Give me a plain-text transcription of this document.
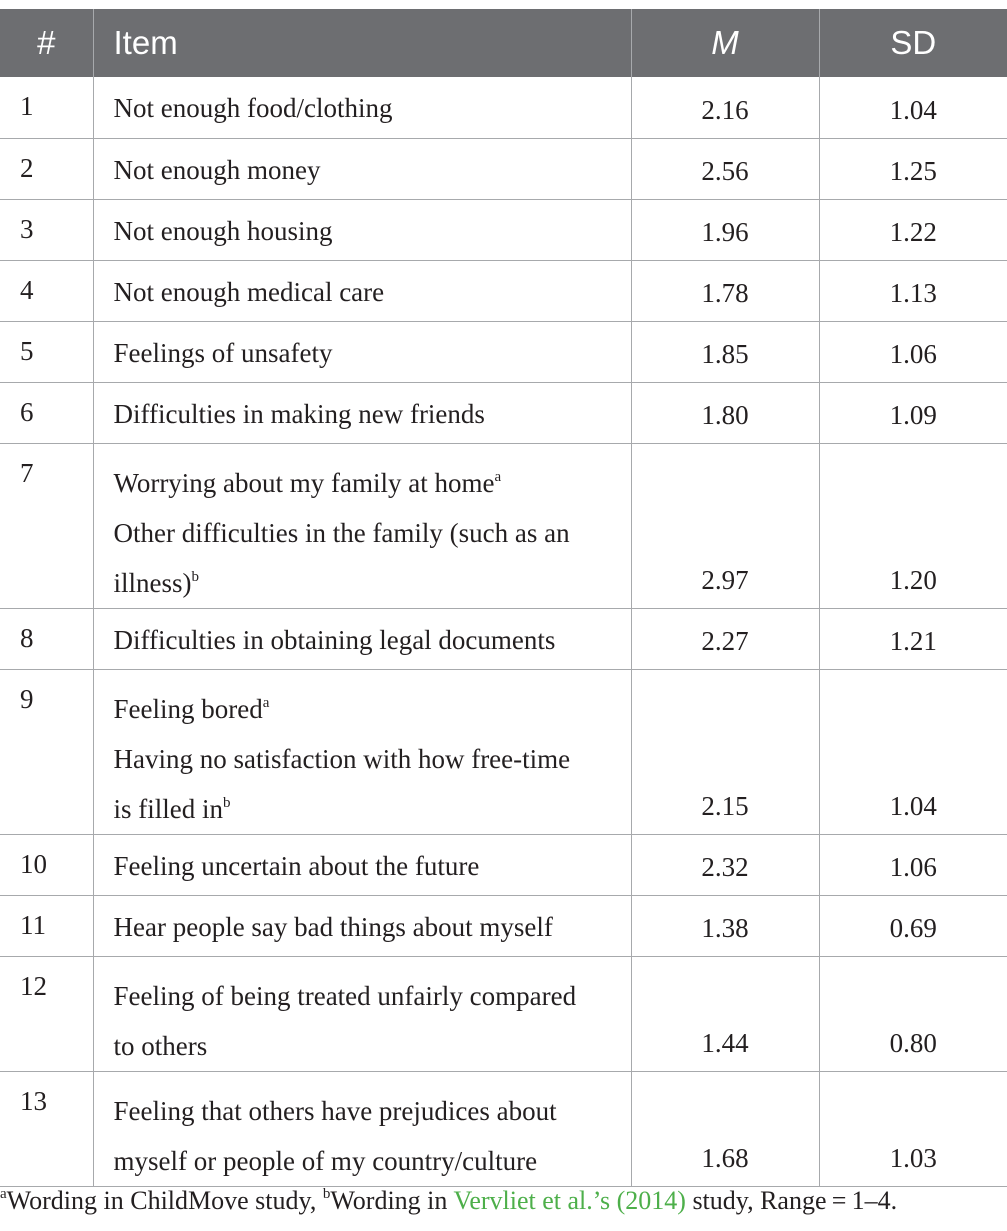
#	Item	M	SD
1	Not enough food/clothing	2.16	1.04
2	Not enough money	2.56	1.25
3	Not enough housing	1.96	1.22
4	Not enough medical care	1.78	1.13
5	Feelings of unsafety	1.85	1.06
6	Difficulties in making new friends	1.80	1.09
7	Worrying about my family at home$^a$
Other difficulties in the family (such as an
illness)$^b$	2.97	1.20
8	Difficulties in obtaining legal documents	2.27	1.21
9	Feeling bored$^a$
Having no satisfaction with how free-time
is filled $in^b$	2.15	1.04
10	Feeling uncertain about the future	2.32	1.06
11	Hear people say bad things about myself	1.38	0.69
12	Feeling of being treated unfairly compared
to others	1.44	0.80
13	Feeling that others have prejudices about
myself or people of my country/culture	1.68	1.03
$^a$Wording in ChildMove study, $^b$Wording in Vervliet et al.’s (2014) study, Range = 1–4.
